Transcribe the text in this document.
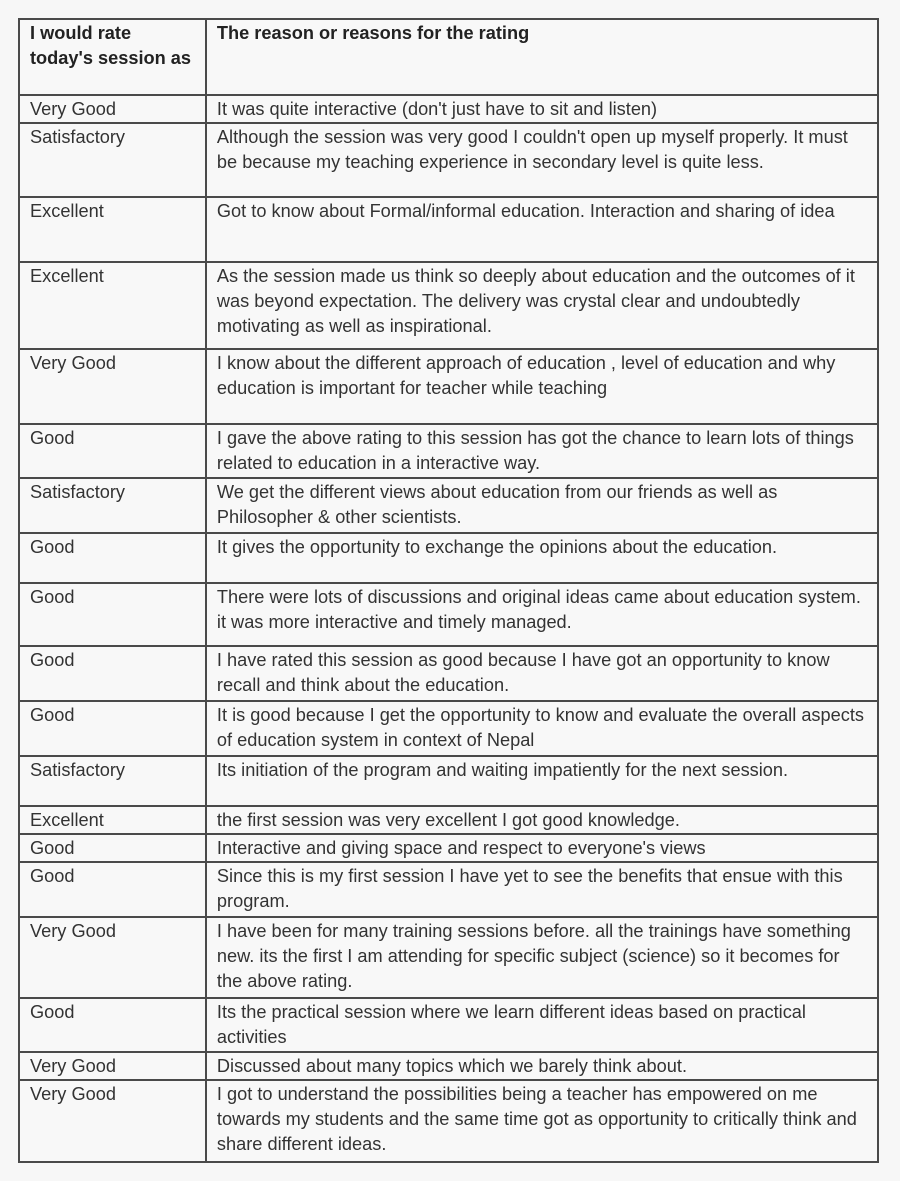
I would rate today's session as	The reason or reasons for the rating
Very Good	It was quite interactive (don't just have to sit and listen)
Satisfactory	Although the session was very good I couldn't open up myself properly. It must be because my teaching experience in secondary level is quite less.
Excellent	Got to know about Formal/informal education. Interaction and sharing of idea
Excellent	As the session made us think so deeply about education and the outcomes of it was beyond expectation. The delivery was crystal clear and undoubtedly motivating as well as inspirational.
Very Good	I know about the different approach of education , level of education and why education is important for teacher while teaching
Good	I gave the above rating to this session has got the chance to learn lots of things related to education in a interactive way.
Satisfactory	We get the different views about education from our friends as well as Philosopher & other scientists.
Good	It gives the opportunity to exchange the opinions about the education.
Good	There were lots of discussions and original ideas came about education system. it was more interactive and timely managed.
Good	I have rated this session as good because I have got an opportunity to know recall and think about the education.
Good	It is good because I get the opportunity to know and evaluate the overall aspects of education system in context of Nepal
Satisfactory	Its initiation of the program and waiting impatiently for the next session.
Excellent	the first session was very excellent I got good knowledge.
Good	Interactive and giving space and respect to everyone's views
Good	Since this is my first session I have yet to see the benefits that ensue with this program.
Very Good	I have been for many training sessions before. all the trainings have something new. its the first I am attending for specific subject (science) so it becomes for the above rating.
Good	Its the practical session where we learn different ideas based on practical activities
Very Good	Discussed about many topics which we barely think about.
Very Good	I got to understand the possibilities being a teacher has empowered on me towards my students and the same time got as opportunity to critically think and share different ideas.
